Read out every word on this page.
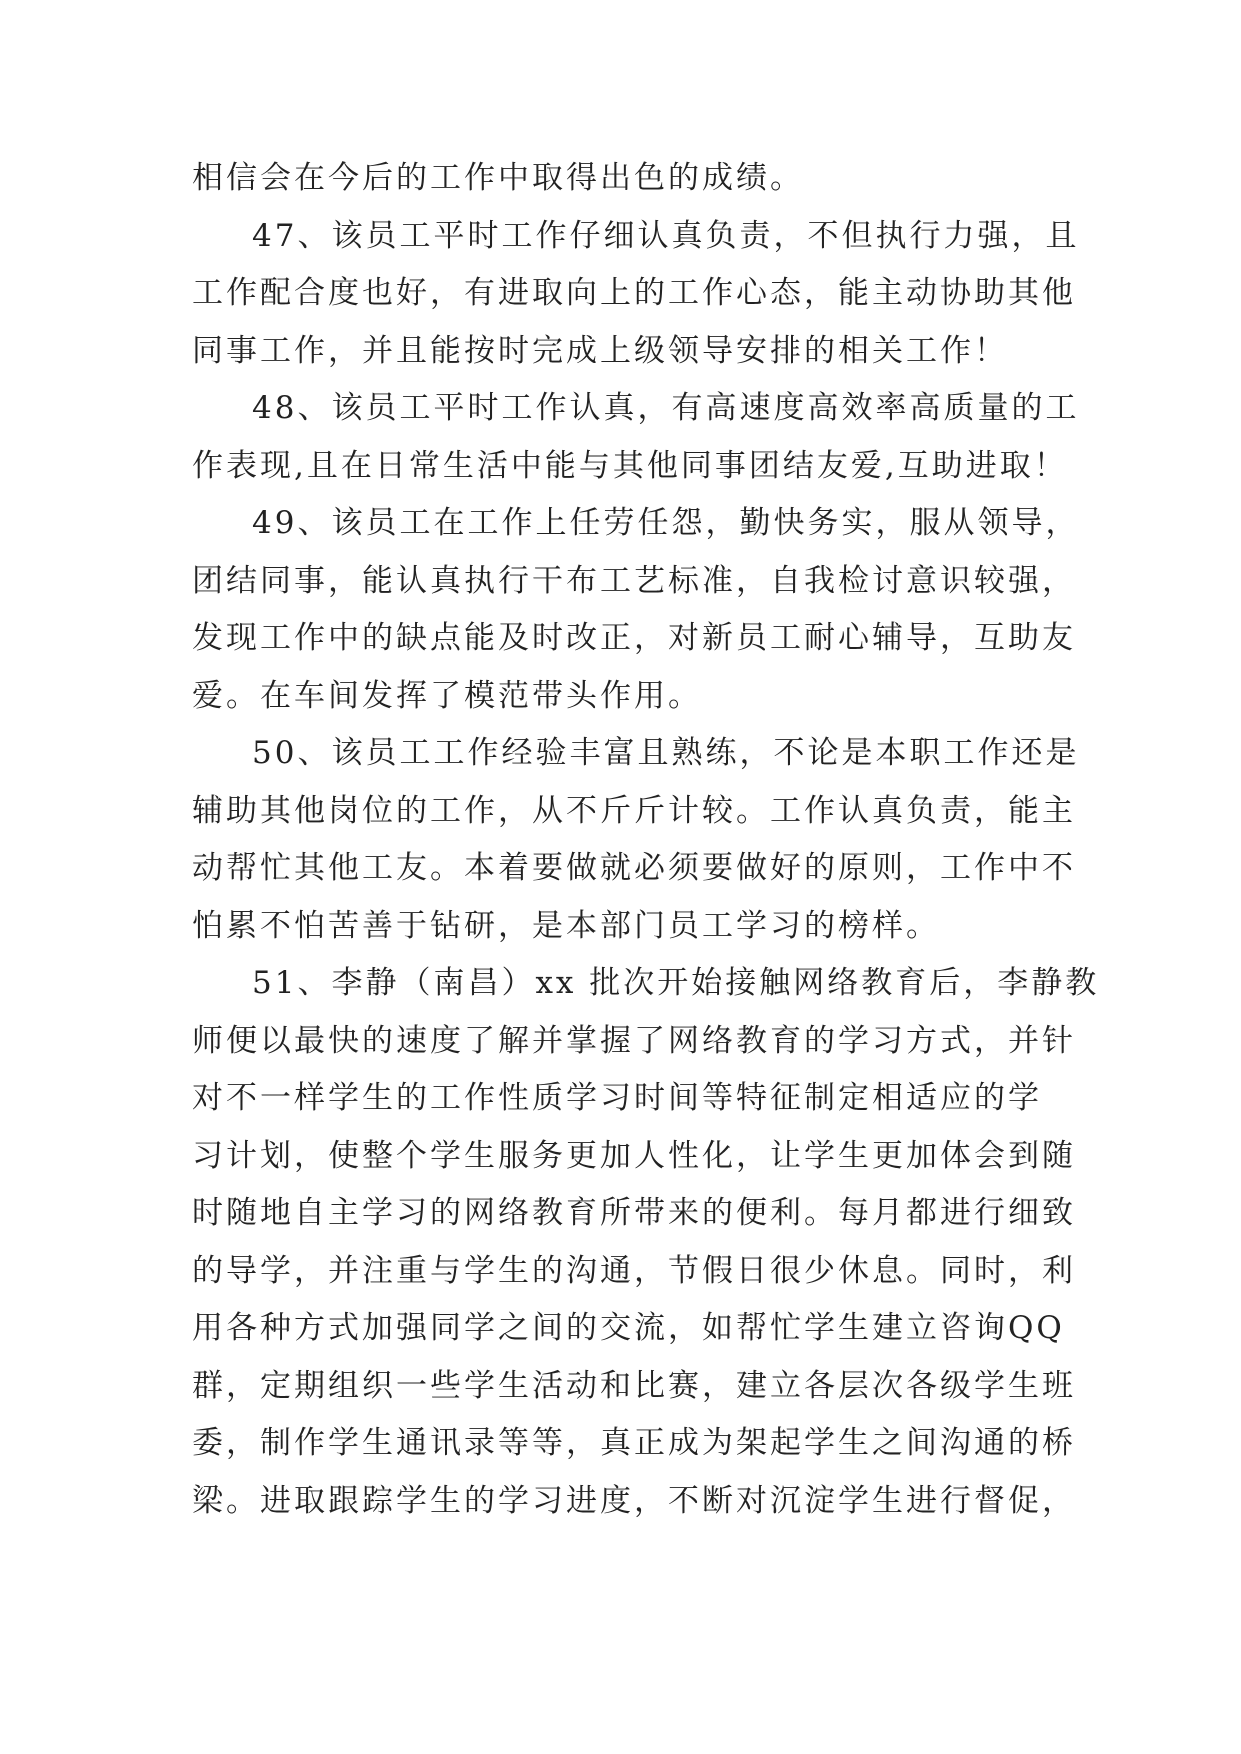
相信会在今后的工作中取得出色的成绩。
47、该员工平时工作仔细认真负责，不但执行力强，且
工作配合度也好，有进取向上的工作心态，能主动协助其他
同事工作，并且能按时完成上级领导安排的相关工作！
48、该员工平时工作认真，有高速度高效率高质量的工
作表现,且在日常生活中能与其他同事团结友爱,互助进取！
49、该员工在工作上任劳任怨，勤快务实，服从领导，
团结同事，能认真执行干布工艺标准，自我检讨意识较强，
发现工作中的缺点能及时改正，对新员工耐心辅导，互助友
爱。在车间发挥了模范带头作用。
50、该员工工作经验丰富且熟练，不论是本职工作还是
辅助其他岗位的工作，从不斤斤计较。工作认真负责，能主
动帮忙其他工友。本着要做就必须要做好的原则，工作中不
怕累不怕苦善于钻研，是本部门员工学习的榜样。
51、李静（南昌）xx 批次开始接触网络教育后，李静教
师便以最快的速度了解并掌握了网络教育的学习方式，并针
对不一样学生的工作性质学习时间等特征制定相适应的学
习计划，使整个学生服务更加人性化，让学生更加体会到随
时随地自主学习的网络教育所带来的便利。每月都进行细致
的导学，并注重与学生的沟通，节假日很少休息。同时，利
用各种方式加强同学之间的交流，如帮忙学生建立咨询QQ
群，定期组织一些学生活动和比赛，建立各层次各级学生班
委，制作学生通讯录等等，真正成为架起学生之间沟通的桥
梁。进取跟踪学生的学习进度，不断对沉淀学生进行督促，
